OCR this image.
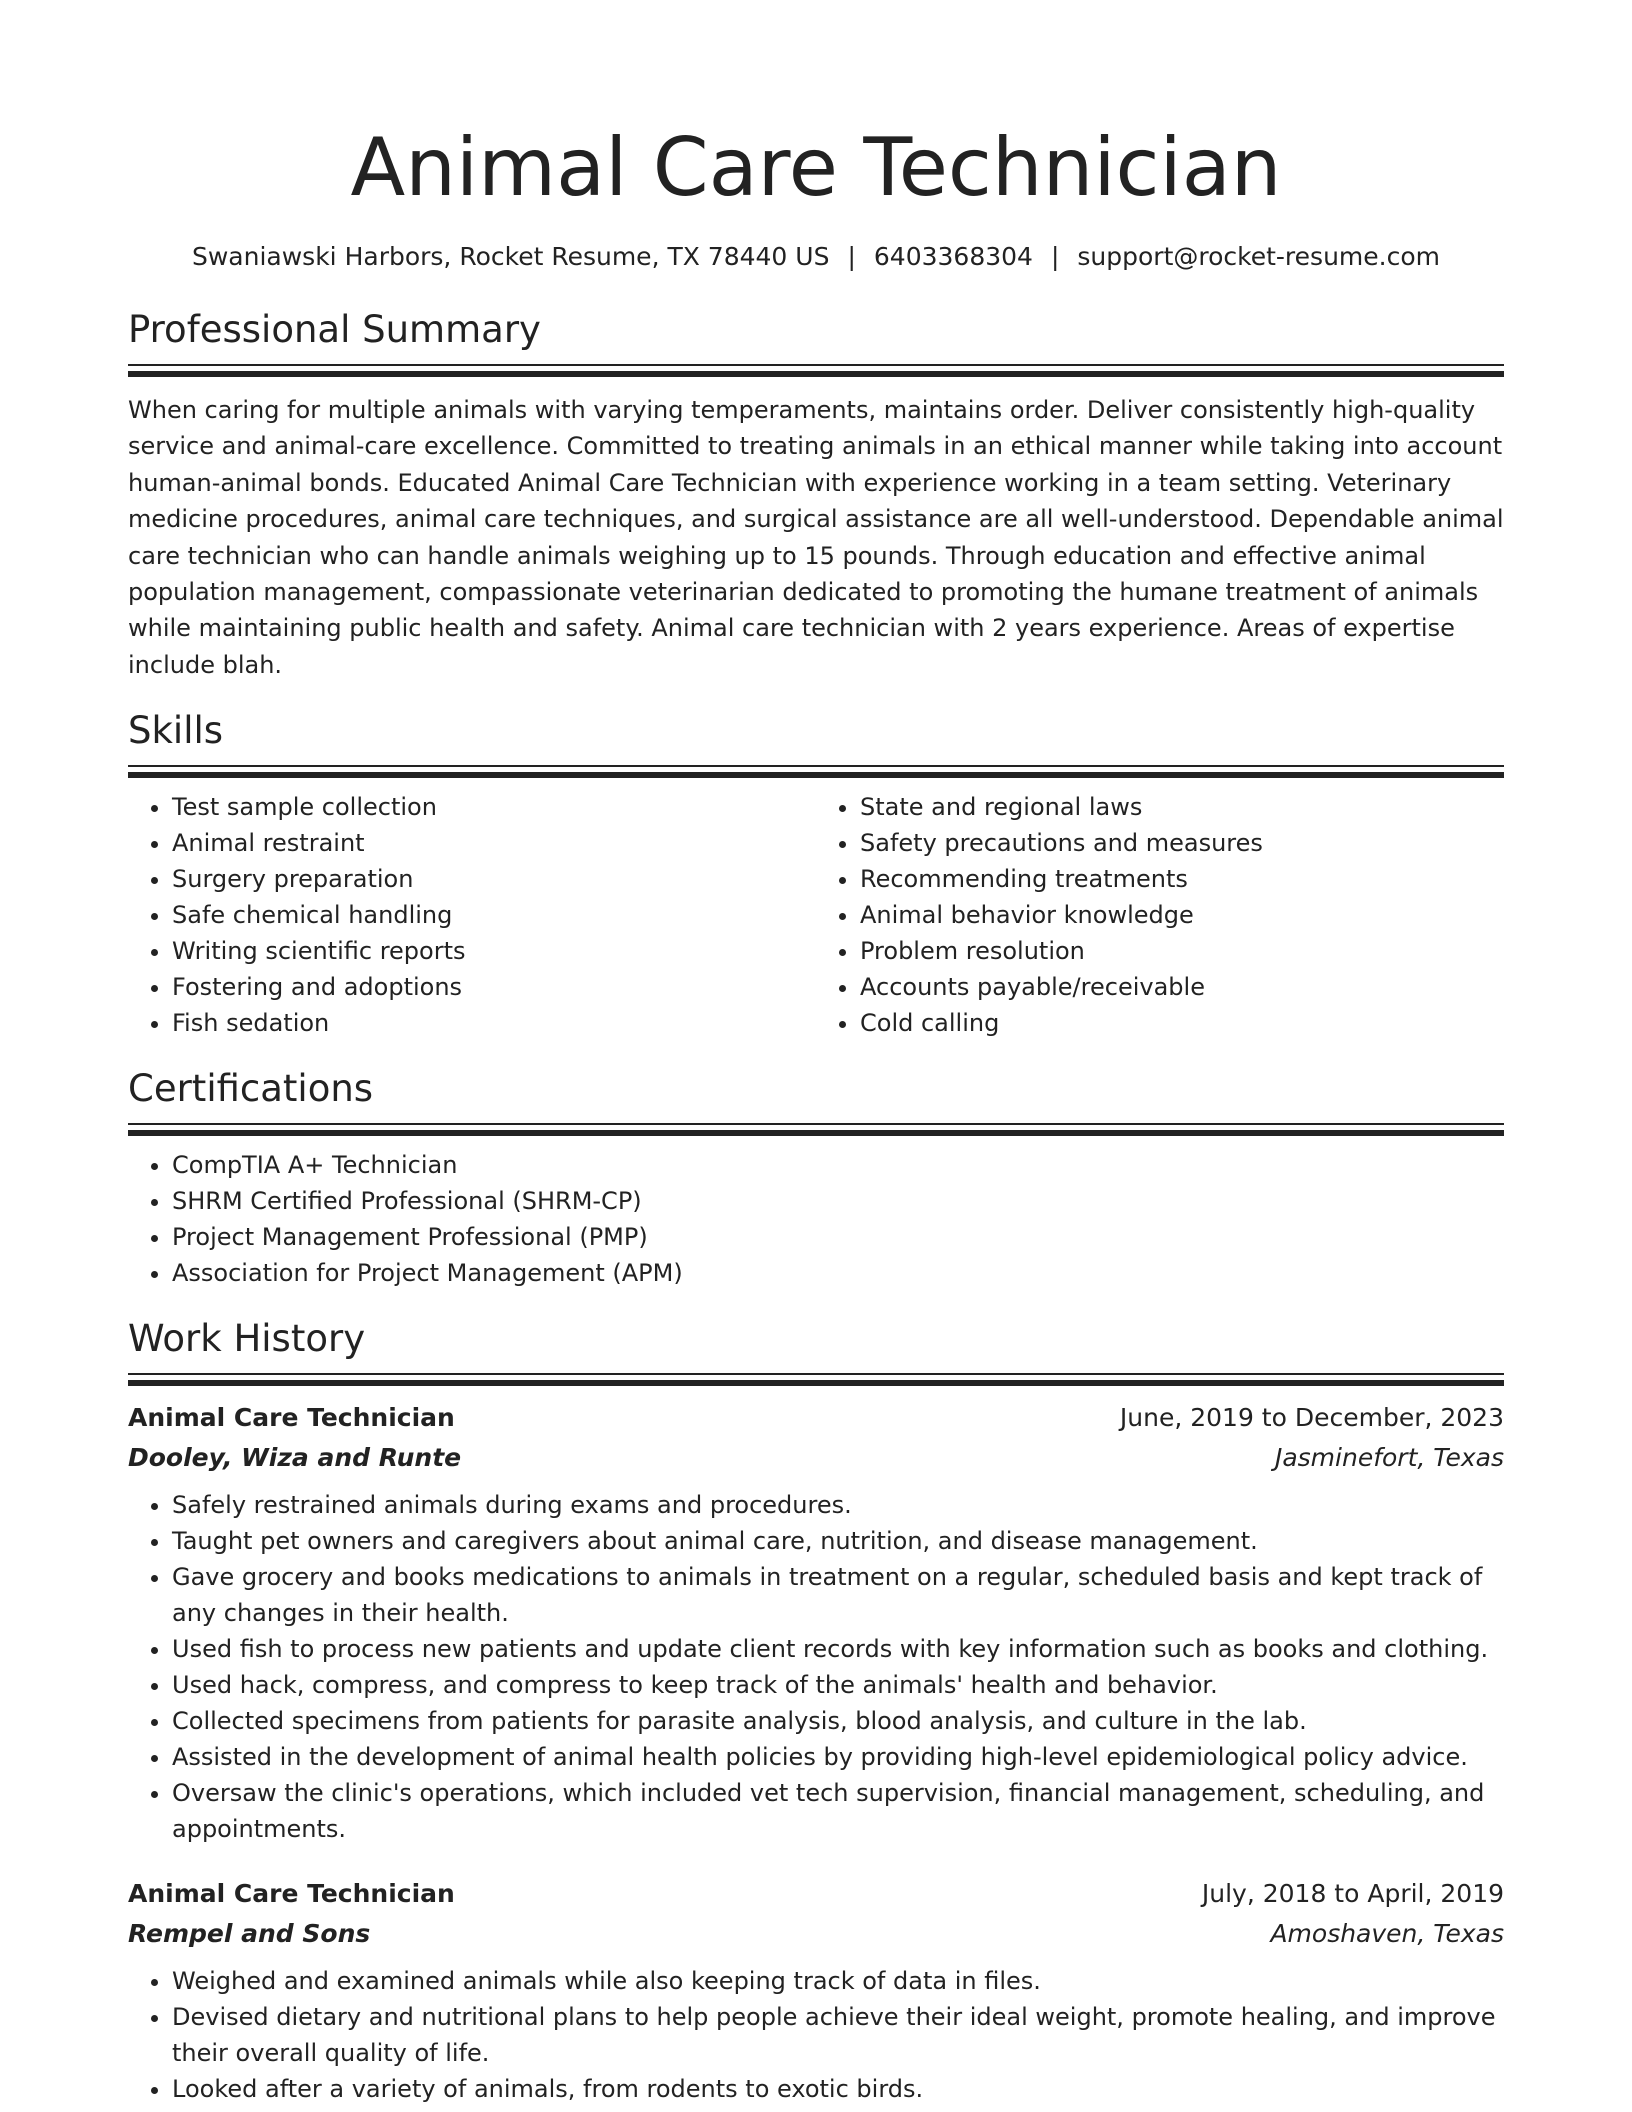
Animal Care Technician
Swaniawski Harbors, Rocket Resume, TX 78440 US | 6403368304 | support@rocket-resume.com
Professional Summary

When caring for multiple animals with varying temperaments, maintains order. Deliver consistently high-quality service and animal-care excellence. Committed to treating animals in an ethical manner while taking into account human-animal bonds. Educated Animal Care Technician with experience working in a team setting. Veterinary medicine procedures, animal care techniques, and surgical assistance are all well-understood. Dependable animal care technician who can handle animals weighing up to 15 pounds. Through education and effective animal population management, compassionate veterinarian dedicated to promoting the humane treatment of animals while maintaining public health and safety. Animal care technician with 2 years experience. Areas of expertise include blah.

Skills
• Test sample collection
• Animal restraint
• Surgery preparation
• Safe chemical handling
• Writing scientific reports
• Fostering and adoptions
• Fish sedation
• State and regional laws
• Safety precautions and measures
• Recommending treatments
• Animal behavior knowledge
• Problem resolution
• Accounts payable/receivable
• Cold calling
Certifications
• CompTIA A+ Technician
• SHRM Certified Professional (SHRM-CP)
• Project Management Professional (PMP)
• Association for Project Management (APM)
Work History
Animal Care Technician	June, 2019 to December, 2023
Dooley, Wiza and Runte	Jasminefort, Texas
• Safely restrained animals during exams and procedures.
• Taught pet owners and caregivers about animal care, nutrition, and disease management.
• Gave grocery and books medications to animals in treatment on a regular, scheduled basis and kept track of any changes in their health.
• Used fish to process new patients and update client records with key information such as books and clothing.
• Used hack, compress, and compress to keep track of the animals' health and behavior.
• Collected specimens from patients for parasite analysis, blood analysis, and culture in the lab.
• Assisted in the development of animal health policies by providing high-level epidemiological policy advice.
• Oversaw the clinic's operations, which included vet tech supervision, financial management, scheduling, and appointments.
Animal Care Technician	July, 2018 to April, 2019
Rempel and Sons	Amoshaven, Texas
• Weighed and examined animals while also keeping track of data in files.
• Devised dietary and nutritional plans to help people achieve their ideal weight, promote healing, and improve their overall quality of life.
• Looked after a variety of animals, from rodents to exotic birds.
